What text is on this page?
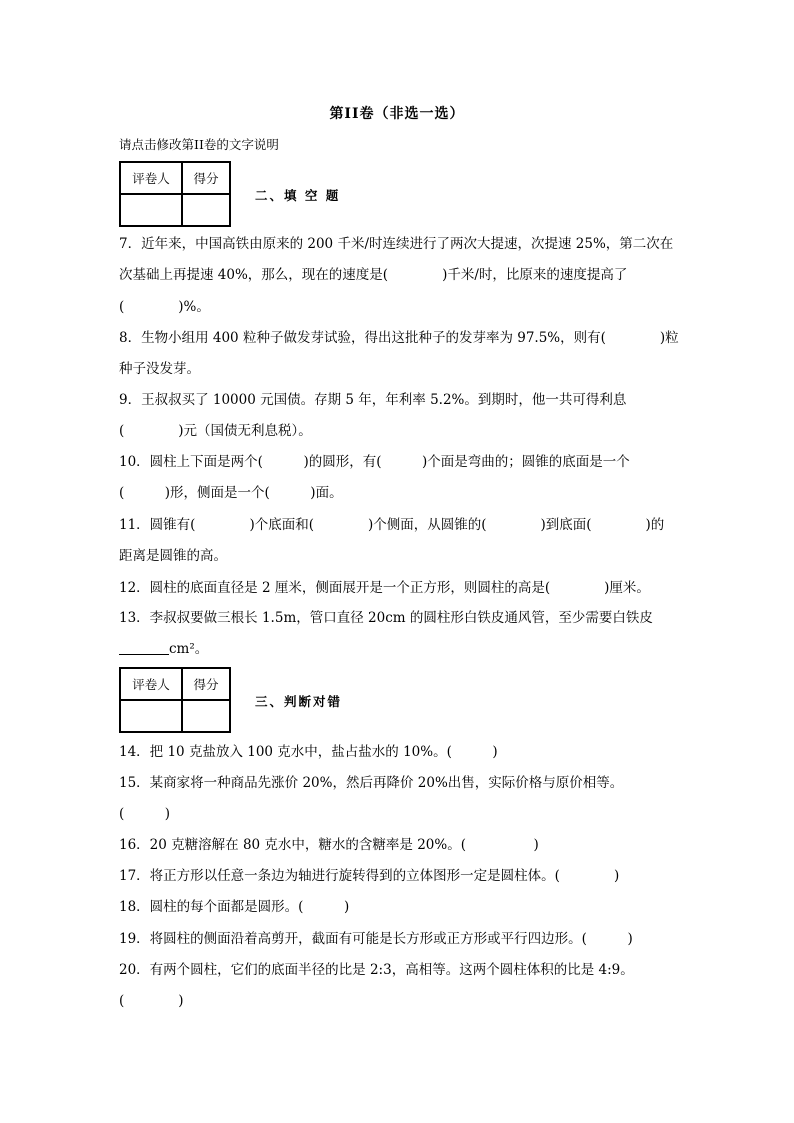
第II卷（非选一选）
请点击修改第II卷的文字说明
评卷人	得分

二、填 空 题
7．近年来，中国高铁由原来的 200 千米/时连续进行了两次大提速，次提速 25%，第二次在
次基础上再提速 40%，那么，现在的速度是(　　　　)千米/时，比原来的速度提高了
(　　　　)%。
8．生物小组用 400 粒种子做发芽试验，得出这批种子的发芽率为 97.5%，则有(　　　　)粒
种子没发芽。
9．王叔叔买了 10000 元国债。存期 5 年，年利率 5.2%。到期时，他一共可得利息
(　　　　)元（国债无利息税）。
10．圆柱上下面是两个(　　　)的圆形，有(　　　)个面是弯曲的；圆锥的底面是一个
(　　　)形，侧面是一个(　　　)面。
11．圆锥有(　　　　)个底面和(　　　　)个侧面，从圆锥的(　　　　)到底面(　　　　)的
距离是圆锥的高。
12．圆柱的底面直径是 2 厘米，侧面展开是一个正方形，则圆柱的高是(　　　　)厘米。
13．李叔叔要做三根长 1.5m，管口直径 20cm 的圆柱形白铁皮通风管，至少需要白铁皮
cm²。
评卷人	得分

三、判断对错
14．把 10 克盐放入 100 克水中，盐占盐水的 10%。(　　　)
15．某商家将一种商品先涨价 20%，然后再降价 20%出售，实际价格与原价相等。
(　　　)
16．20 克糖溶解在 80 克水中，糖水的含糖率是 20%。(　　　　　)
17．将正方形以任意一条边为轴进行旋转得到的立体图形一定是圆柱体。(　　　　)
18．圆柱的每个面都是圆形。(　　　)
19．将圆柱的侧面沿着高剪开，截面有可能是长方形或正方形或平行四边形。(　　　)
20．有两个圆柱，它们的底面半径的比是 2:3，高相等。这两个圆柱体积的比是 4:9。
(　　　　)
